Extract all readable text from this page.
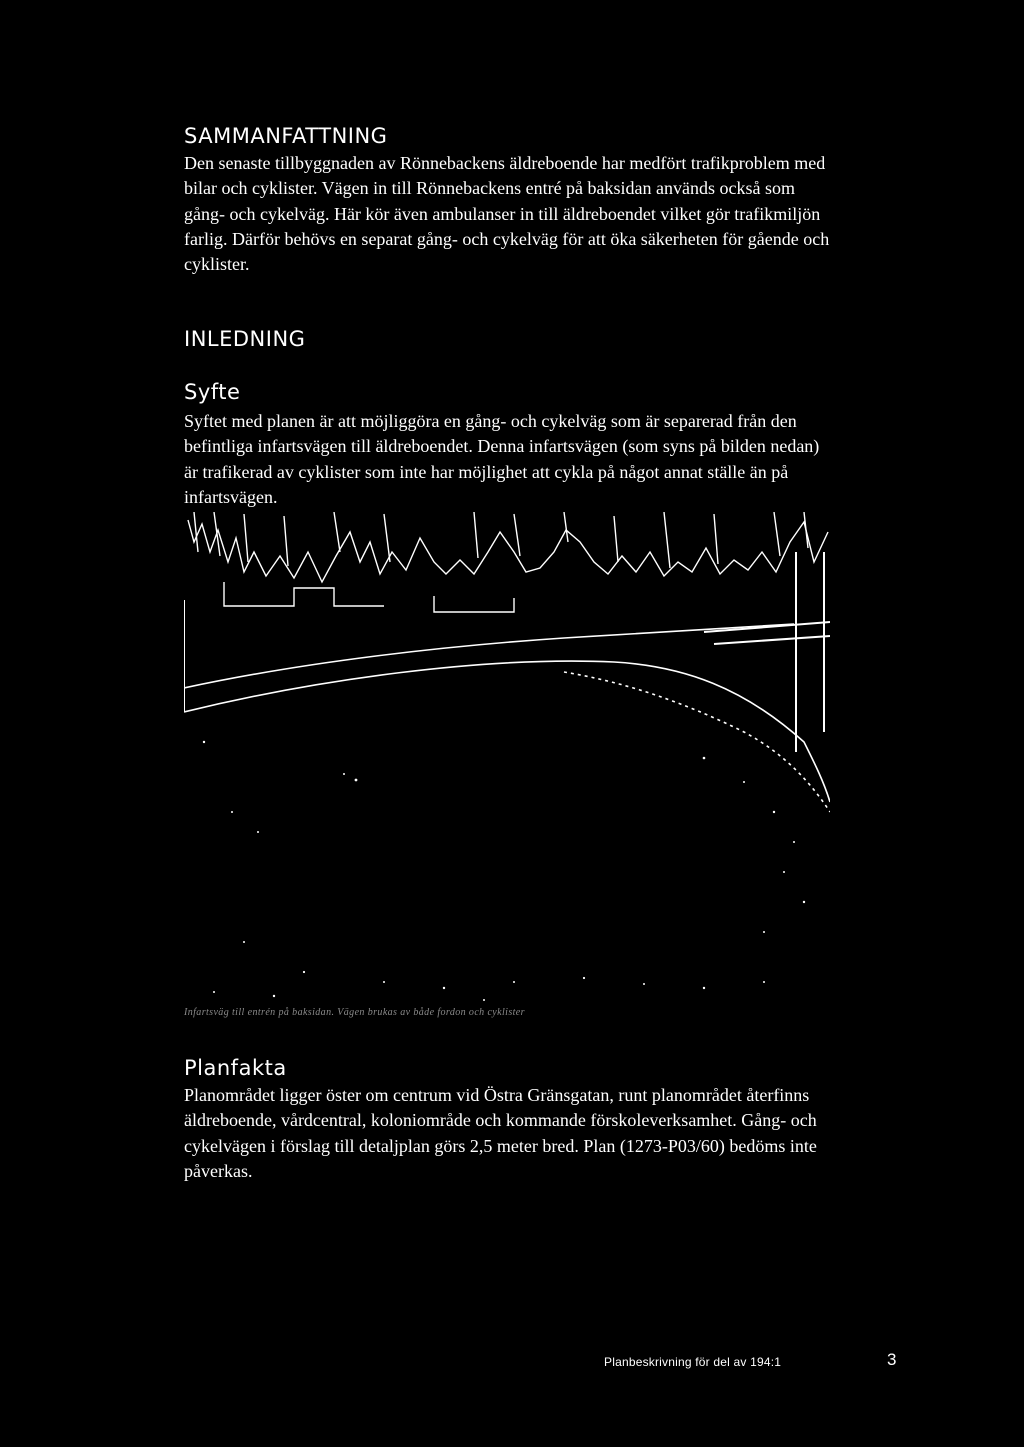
SAMMANFATTNING

Den senaste tillbyggnaden av Rönnebackens äldreboende har medfört trafikproblem med bilar och cyklister. Vägen in till Rönnebackens entré på baksidan används också som gång- och cykelväg. Här kör även ambulanser in till äldreboendet vilket gör trafikmiljön farlig. Därför behövs en separat gång- och cykelväg för att öka säkerheten för gående och cyklister.

INLEDNING
Syfte

Syftet med planen är att möjliggöra en gång- och cykelväg som är separerad från den befintliga infartsvägen till äldreboendet. Denna infartsvägen (som syns på bilden nedan) är trafikerad av cyklister som inte har möjlighet att cykla på något annat ställe än på infartsvägen.

Infartsväg till entrén på baksidan. Vägen brukas av både fordon och cyklister
Planfakta

Planområdet ligger öster om centrum vid Östra Gränsgatan, runt planområdet återfinns äldreboende, vårdcentral, koloniområde och kommande förskoleverksamhet. Gång- och cykelvägen i förslag till detaljplan görs 2,5 meter bred. Plan (1273-P03/60) bedöms inte påverkas.

Planbeskrivning för del av 194:1	3
